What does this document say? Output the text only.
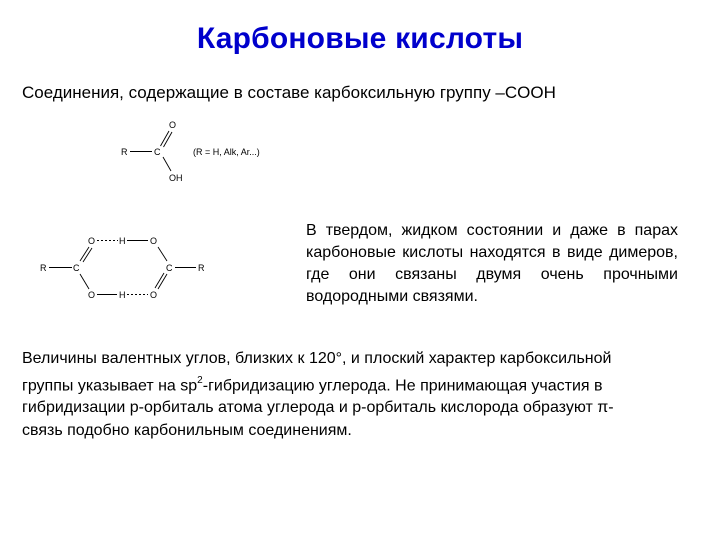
Карбоновые кислоты
Соединения, содержащие в составе карбоксильную группу –COOH
O
R	C
OH
(R = H, Alk, Ar...)
O	H	O
R	C
O	H	O
C	R
В твердом, жидком состоянии и даже в парах карбоновые кислоты находятся в виде димеров, где они связаны двумя очень прочными водородными связями.
Величины валентных углов, близких к 120°, и плоский характер карбоксильной
группы указывает на $sp^2$-гибридизацию углерода. Не принимающая участия в
гибридизации р-орбиталь атома углерода и р-орбиталь кислорода образуют π-
связь подобно карбонильным соединениям.
